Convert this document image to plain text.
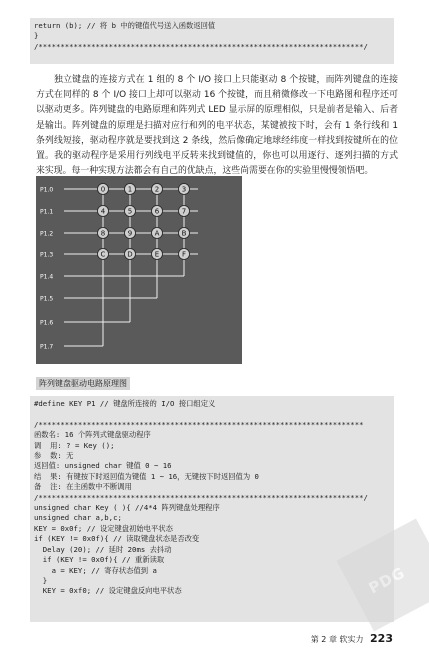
return (b); // 将 b 中的键值代号送入函数返回值
}
/**************************************************************************/

独立键盘的连接方式在 1 组的 8 个 I/O 接口上只能驱动 8 个按键，而阵列键盘的连接方式在同样的 8 个 I/O 接口上却可以驱动 16 个按键，而且稍微修改一下电路图和程序还可以驱动更多。阵列键盘的电路原理和阵列式 LED 显示屏的原理相似，只是前者是输入、后者是输出。阵列键盘的原理是扫描对应行和列的电平状态，某键被按下时，会有 1 条行线和 1 条列线短接，驱动程序就是要找到这 2 条线，然后像确定地球经纬度一样找到按键所在的位置。我的驱动程序是采用行列线电平反转来找到键值的，你也可以用逐行、逐列扫描的方式来实现。每一种实现方法都会有自己的优缺点，这些尚需要在你的实验里慢慢领悟吧。

P1.0
P1.1
P1.2
P1.3
P1.4
P1.5
P1.6
P1.7
0	1	2	3
4	5	6	7
8	9	A	B
C	D	E	F
阵列键盘驱动电路原理图
#define KEY P1 // 键盘所连接的 I/O 接口组定义

/**************************************************************************
函数名: 16 个阵列式键盘驱动程序
调  用: ? = Key ();
参  数: 无
返回值: unsigned char 键值 0 ~ 16
结  果: 有键按下时返回值为键值 1 ~ 16，无键按下时返回值为 0
备  注: 在主函数中不断调用
/**************************************************************************/
unsigned char Key ( ){ //4*4 阵列键盘处理程序
unsigned char a,b,c;
KEY = 0x0f; // 设定键盘初始电平状态
if (KEY != 0x0f){ // 读取键盘状态是否改变
Delay (20); // 延时 20ms 去抖动
if (KEY != 0x0f){ // 重新读取
a = KEY; // 寄存状态值到 a
}
KEY = 0xf0; // 设定键盘反向电平状态	PDG
第 2 章 软实力 223
